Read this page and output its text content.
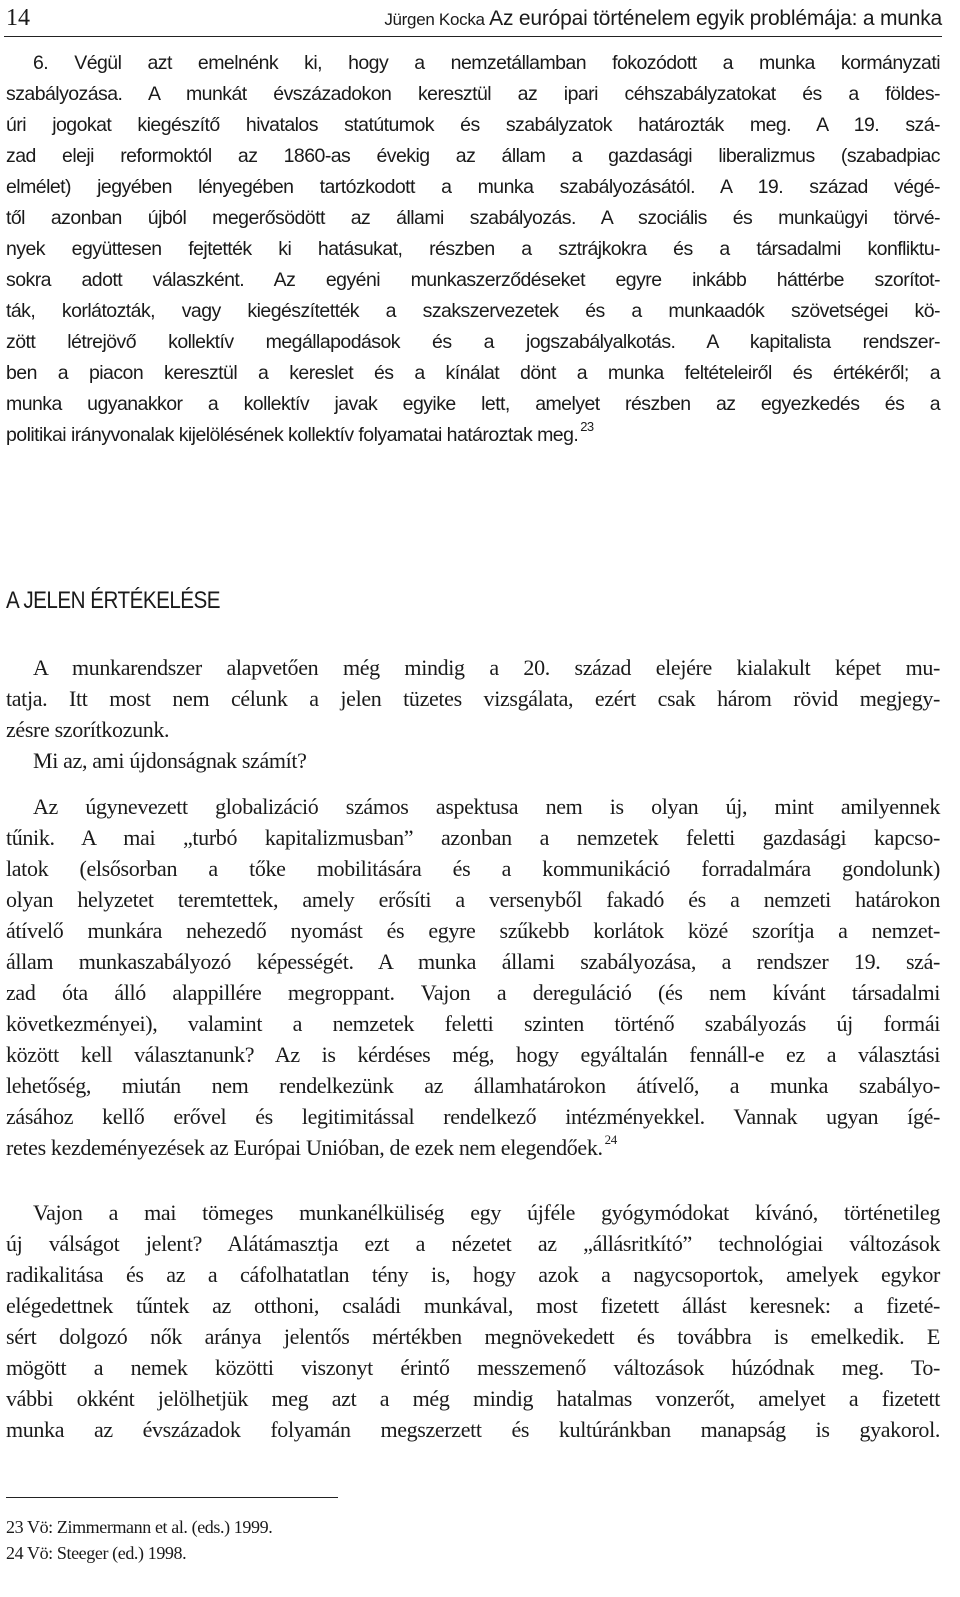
14	Jürgen Kocka Az európai történelem egyik problémája: a munka
6. Végül azt emelnénk ki, hogy a nemzetállamban fokozódott a munka kormányzati
szabályozása. A munkát évszázadokon keresztül az ipari céhszabályzatokat és a földes-
úri jogokat kiegészítő hivatalos statútumok és szabályzatok határozták meg. A 19. szá-
zad eleji reformoktól az 1860-as évekig az állam a gazdasági liberalizmus (szabadpiac
elmélet) jegyében lényegében tartózkodott a munka szabályozásától. A 19. század végé-
től azonban újból megerősödött az állami szabályozás. A szociális és munkaügyi törvé-
nyek együttesen fejtették ki hatásukat, részben a sztrájkokra és a társadalmi konfliktu-
sokra adott válaszként. Az egyéni munkaszerződéseket egyre inkább háttérbe szorítot-
ták, korlátozták, vagy kiegészítették a szakszervezetek és a munkaadók szövetségei kö-
zött létrejövő kollektív megállapodások és a jogszabályalkotás. A kapitalista rendszer-
ben a piacon keresztül a kereslet és a kínálat dönt a munka feltételeiről és értékéről; a
munka ugyanakkor a kollektív javak egyike lett, amelyet részben az egyezkedés és a
politikai irányvonalak kijelölésének kollektív folyamatai határoztak meg. $^{23}$
A JELEN ÉRTÉKELÉSE
A munkarendszer alapvetően még mindig a 20. század elejére kialakult képet mu-
tatja. Itt most nem célunk a jelen tüzetes vizsgálata, ezért csak három rövid megjegy-
zésre szorítkozunk.
Mi az, ami újdonságnak számít?
Az úgynevezett globalizáció számos aspektusa nem is olyan új, mint amilyennek
tűnik. A mai „turbó kapitalizmusban” azonban a nemzetek feletti gazdasági kapcso-
latok (elsősorban a tőke mobilitására és a kommunikáció forradalmára gondolunk)
olyan helyzetet teremtettek, amely erősíti a versenyből fakadó és a nemzeti határokon
átívelő munkára nehezedő nyomást és egyre szűkebb korlátok közé szorítja a nemzet-
állam munkaszabályozó képességét. A munka állami szabályozása, a rendszer 19. szá-
zad óta álló alappillére megroppant. Vajon a dereguláció (és nem kívánt társadalmi
következményei), valamint a nemzetek feletti szinten történő szabályozás új formái
között kell választanunk? Az is kérdéses még, hogy egyáltalán fennáll-e ez a választási
lehetőség, miután nem rendelkezünk az államhatárokon átívelő, a munka szabályo-
zásához kellő erővel és legitimitással rendelkező intézményekkel. Vannak ugyan ígé-
retes kezdeményezések az Európai Unióban, de ezek nem elegendőek. $^{24}$
Vajon a mai tömeges munkanélküliség egy újféle gyógymódokat kívánó, történetileg
új válságot jelent? Alátámasztja ezt a nézetet az „állásritkító” technológiai változások
radikalitása és az a cáfolhatatlan tény is, hogy azok a nagycsoportok, amelyek egykor
elégedettnek tűntek az otthoni, családi munkával, most fizetett állást keresnek: a fizeté-
sért dolgozó nők aránya jelentős mértékben megnövekedett és továbbra is emelkedik. E
mögött a nemek közötti viszonyt érintő messzemenő változások húzódnak meg. To-
vábbi okként jelölhetjük meg azt a még mindig hatalmas vonzerőt, amelyet a fizetett
munka az évszázadok folyamán megszerzett és kultúránkban manapság is gyakorol.
23 Vö: Zimmermann et al. (eds.) 1999.
24 Vö: Steeger (ed.) 1998.
